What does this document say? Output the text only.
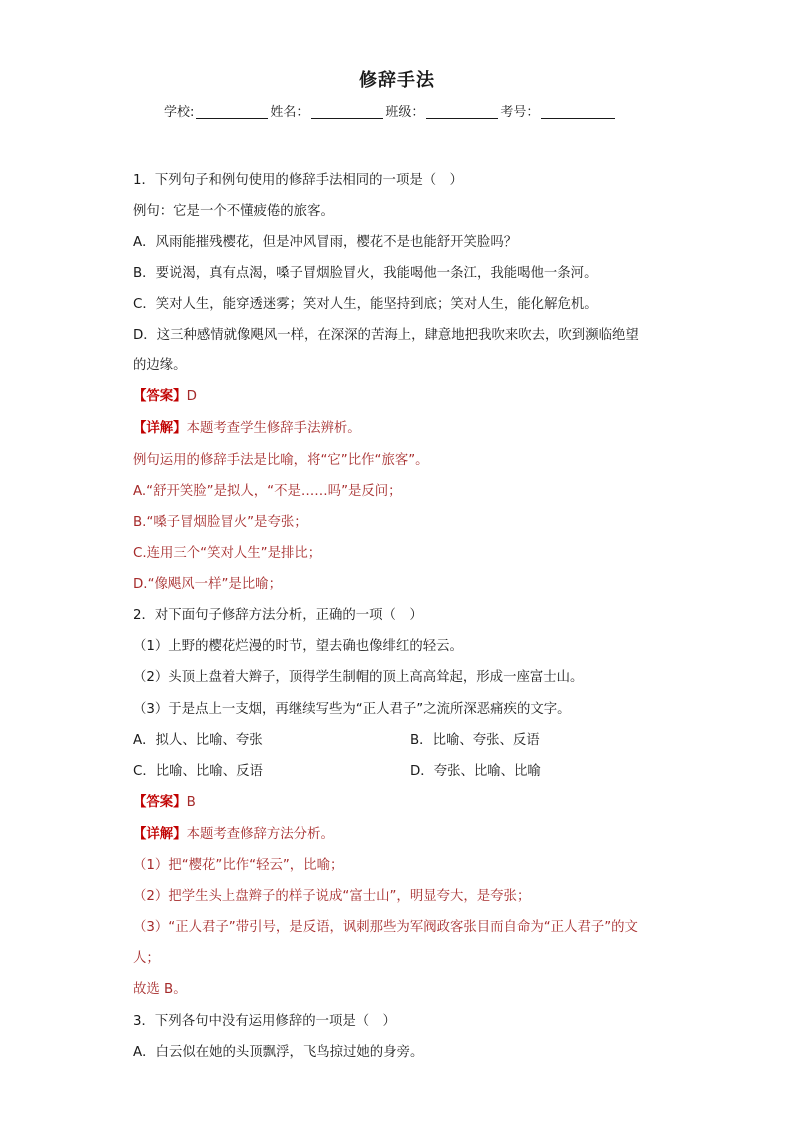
修辞手法
学校:	姓名：	班级：	考号：
1．下列句子和例句使用的修辞手法相同的一项是（　）
例句：它是一个不懂疲倦的旅客。
A．风雨能摧残樱花，但是冲风冒雨，樱花不是也能舒开笑脸吗？
B．要说渴，真有点渴，嗓子冒烟脸冒火，我能喝他一条江，我能喝他一条河。
C．笑对人生，能穿透迷雾；笑对人生，能坚持到底；笑对人生，能化解危机。
D．这三种感情就像飓风一样，在深深的苦海上，肆意地把我吹来吹去，吹到濒临绝望
的边缘。
【答案】D
【详解】本题考查学生修辞手法辨析。
例句运用的修辞手法是比喻，将“它”比作“旅客”。
A.“舒开笑脸”是拟人，“不是……吗”是反问；
B.“嗓子冒烟脸冒火”是夸张；
C.连用三个“笑对人生”是排比；
D.“像飓风一样”是比喻；
2．对下面句子修辞方法分析，正确的一项（　）
（1）上野的樱花烂漫的时节，望去确也像绯红的轻云。
（2）头顶上盘着大辫子，顶得学生制帽的顶上高高耸起，形成一座富士山。
（3）于是点上一支烟，再继续写些为“正人君子”之流所深恶痛疾的文字。
A．拟人、比喻、夸张	B．比喻、夸张、反语
C．比喻、比喻、反语	D．夸张、比喻、比喻
【答案】B
【详解】本题考查修辞方法分析。
（1）把“樱花”比作“轻云”，比喻；
（2）把学生头上盘辫子的样子说成“富士山”，明显夸大，是夸张；
（3）“正人君子”带引号，是反语，讽刺那些为军阀政客张目而自命为“正人君子”的文
人；
故选 B。
3．下列各句中没有运用修辞的一项是（　）
A．白云似在她的头顶飘浮，飞鸟掠过她的身旁。
